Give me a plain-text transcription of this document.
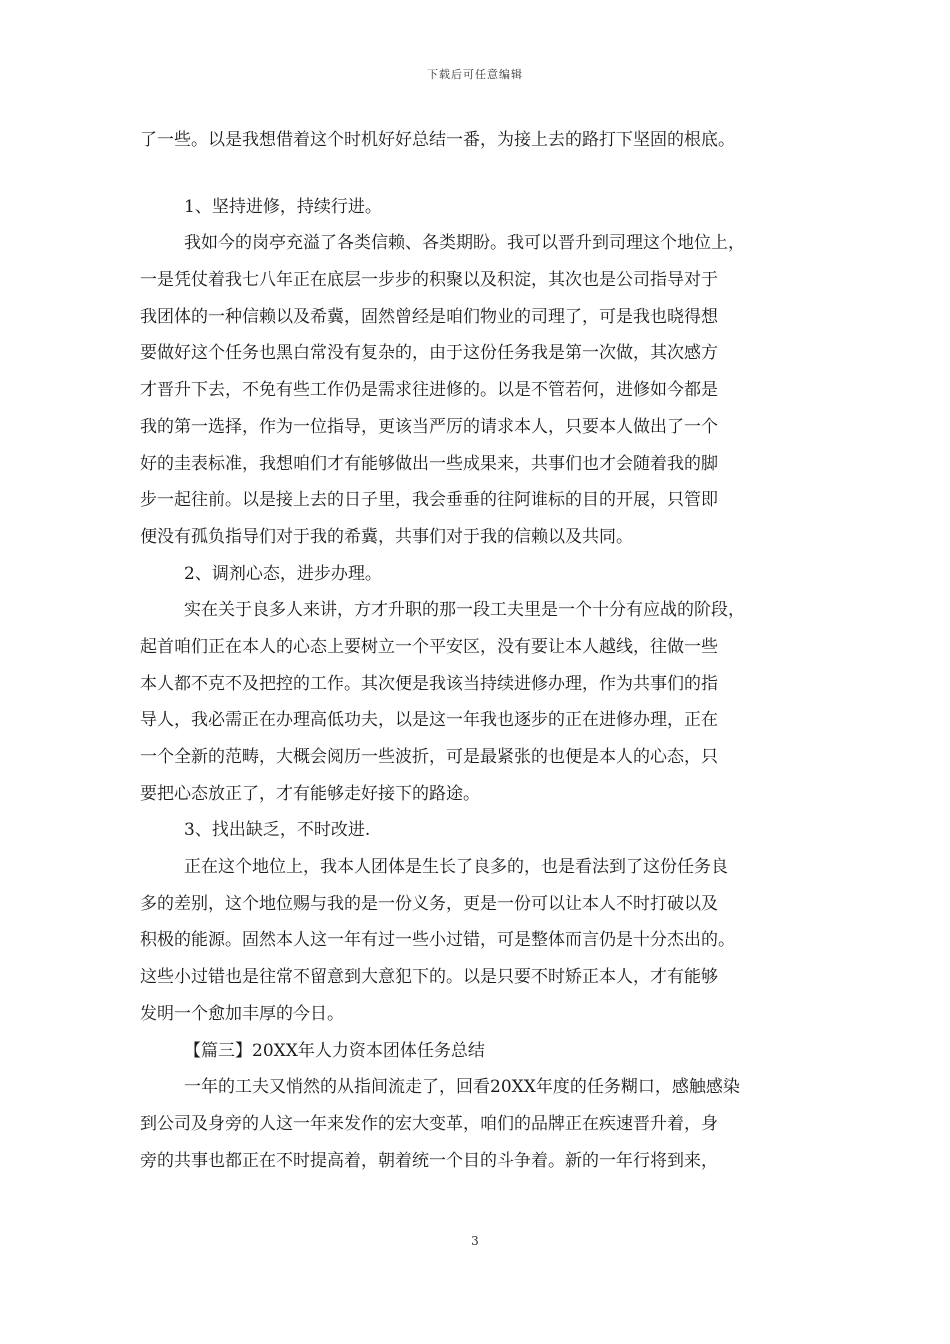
下载后可任意编辑
了一些。以是我想借着这个时机好好总结一番，为接上去的路打下坚固的根底。
1、坚持进修，持续行进。
我如今的岗亭充溢了各类信赖、各类期盼。我可以晋升到司理这个地位上，
一是凭仗着我七八年正在底层一步步的积聚以及积淀，其次也是公司指导对于
我团体的一种信赖以及希冀，固然曾经是咱们物业的司理了，可是我也晓得想
要做好这个任务也黑白常没有复杂的，由于这份任务我是第一次做，其次感方
才晋升下去，不免有些工作仍是需求往进修的。以是不管若何，进修如今都是
我的第一选择，作为一位指导，更该当严厉的请求本人，只要本人做出了一个
好的圭表标准，我想咱们才有能够做出一些成果来，共事们也才会随着我的脚
步一起往前。以是接上去的日子里，我会垂垂的往阿谁标的目的开展，只管即
便没有孤负指导们对于我的希冀，共事们对于我的信赖以及共同。
2、调剂心态，进步办理。
实在关于良多人来讲，方才升职的那一段工夫里是一个十分有应战的阶段，
起首咱们正在本人的心态上要树立一个平安区，没有要让本人越线，往做一些
本人都不克不及把控的工作。其次便是我该当持续进修办理，作为共事们的指
导人，我必需正在办理高低功夫，以是这一年我也逐步的正在进修办理，正在
一个全新的范畴，大概会阅历一些波折，可是最紧张的也便是本人的心态，只
要把心态放正了，才有能够走好接下的路途。
3、找出缺乏，不时改进.
正在这个地位上，我本人团体是生长了良多的，也是看法到了这份任务良
多的差别，这个地位赐与我的是一份义务，更是一份可以让本人不时打破以及
积极的能源。固然本人这一年有过一些小过错，可是整体而言仍是十分杰出的。
这些小过错也是往常不留意到大意犯下的。以是只要不时矫正本人，才有能够
发明一个愈加丰厚的今日。
【篇三】20XX年人力资本团体任务总结
一年的工夫又悄然的从指间流走了，回看20XX年度的任务糊口，感触感染
到公司及身旁的人这一年来发作的宏大变革，咱们的品牌正在疾速晋升着，身
旁的共事也都正在不时提高着，朝着统一个目的斗争着。新的一年行将到来，
3
